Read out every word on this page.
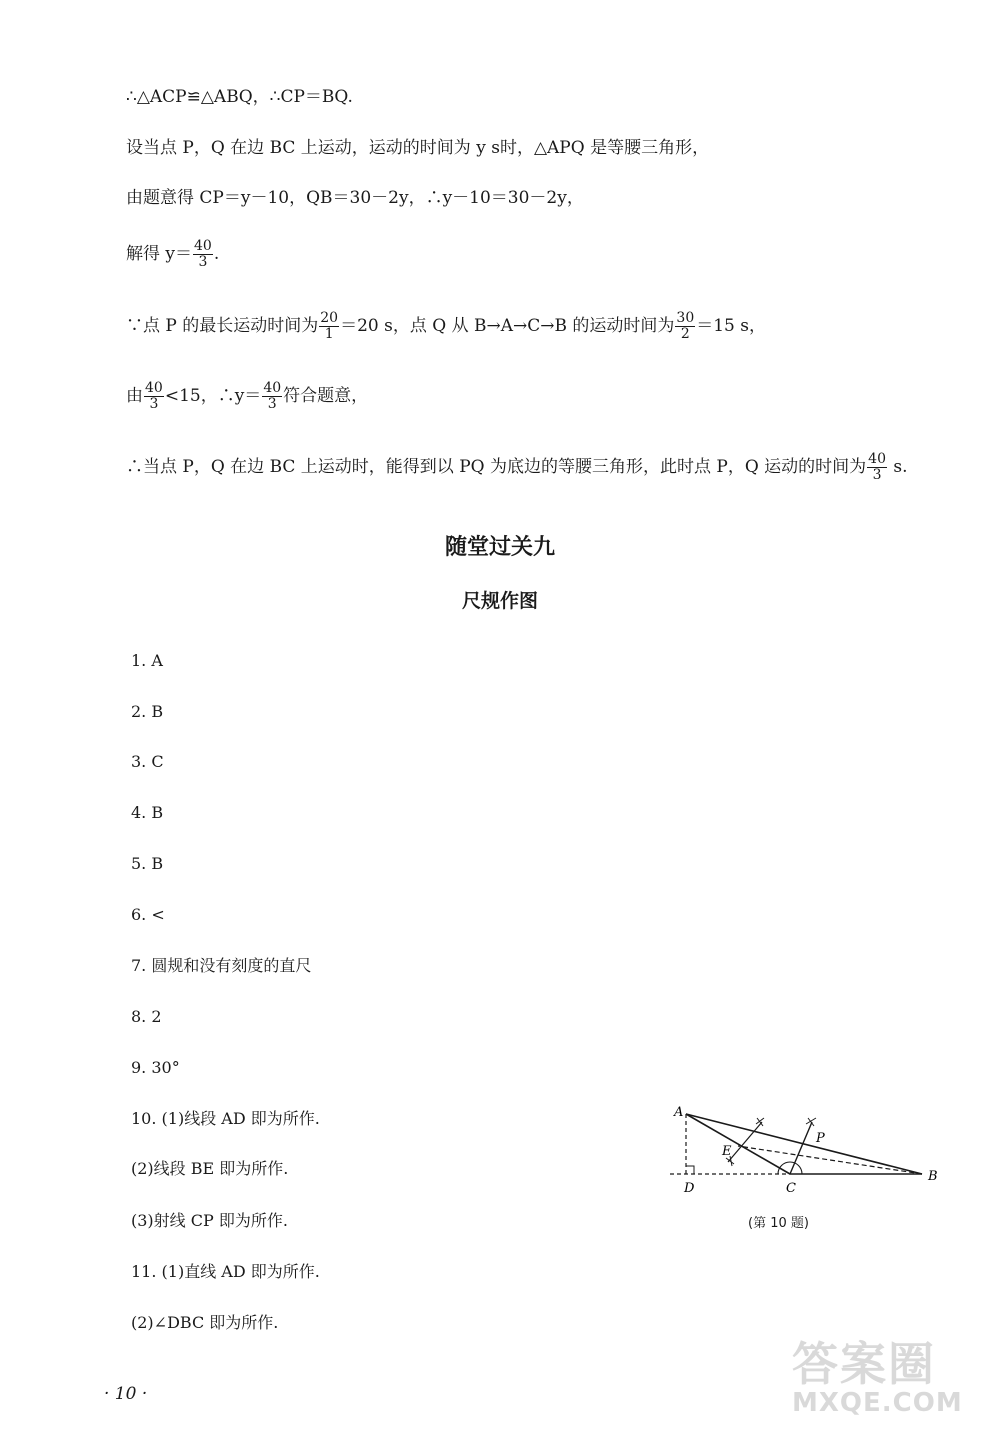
∴△ACP≌△ABQ，∴CP＝BQ.
设当点 P，Q 在边 BC 上运动，运动的时间为 y s时，△APQ 是等腰三角形，
由题意得 CP＝y－10，QB＝30－2y，∴y－10＝30－2y，
解得 $y= \frac{40}{3}$ .
∵点 P 的最长运动时间为 $\frac{20}{1} =20$ s，点 Q 从 B→A→C→B 的运动时间为 $\frac{30}{2} =15$ s，
由 $\frac{40}{3} <15$，∴y＝ $\frac{40}{3}$ 符合题意，
∴当点 P，Q 在边 BC 上运动时，能得到以 PQ 为底边的等腰三角形，此时点 P，Q 运动的时间为 $\frac{40}{3} s$.
随堂过关九
尺规作图
1. A
2. B
3. C
4. B
5. B
6. <
7. 圆规和没有刻度的直尺
8. 2
9. 30°
10. (1)线段 AD 即为所作.
(2)线段 BE 即为所作.
(3)射线 CP 即为所作.
11. (1)直线 AD 即为所作.
(2)∠DBC 即为所作.
A
B
C
D
E
P
(第 10 题)
· 10 ·
答案圈
MXQE.COM
